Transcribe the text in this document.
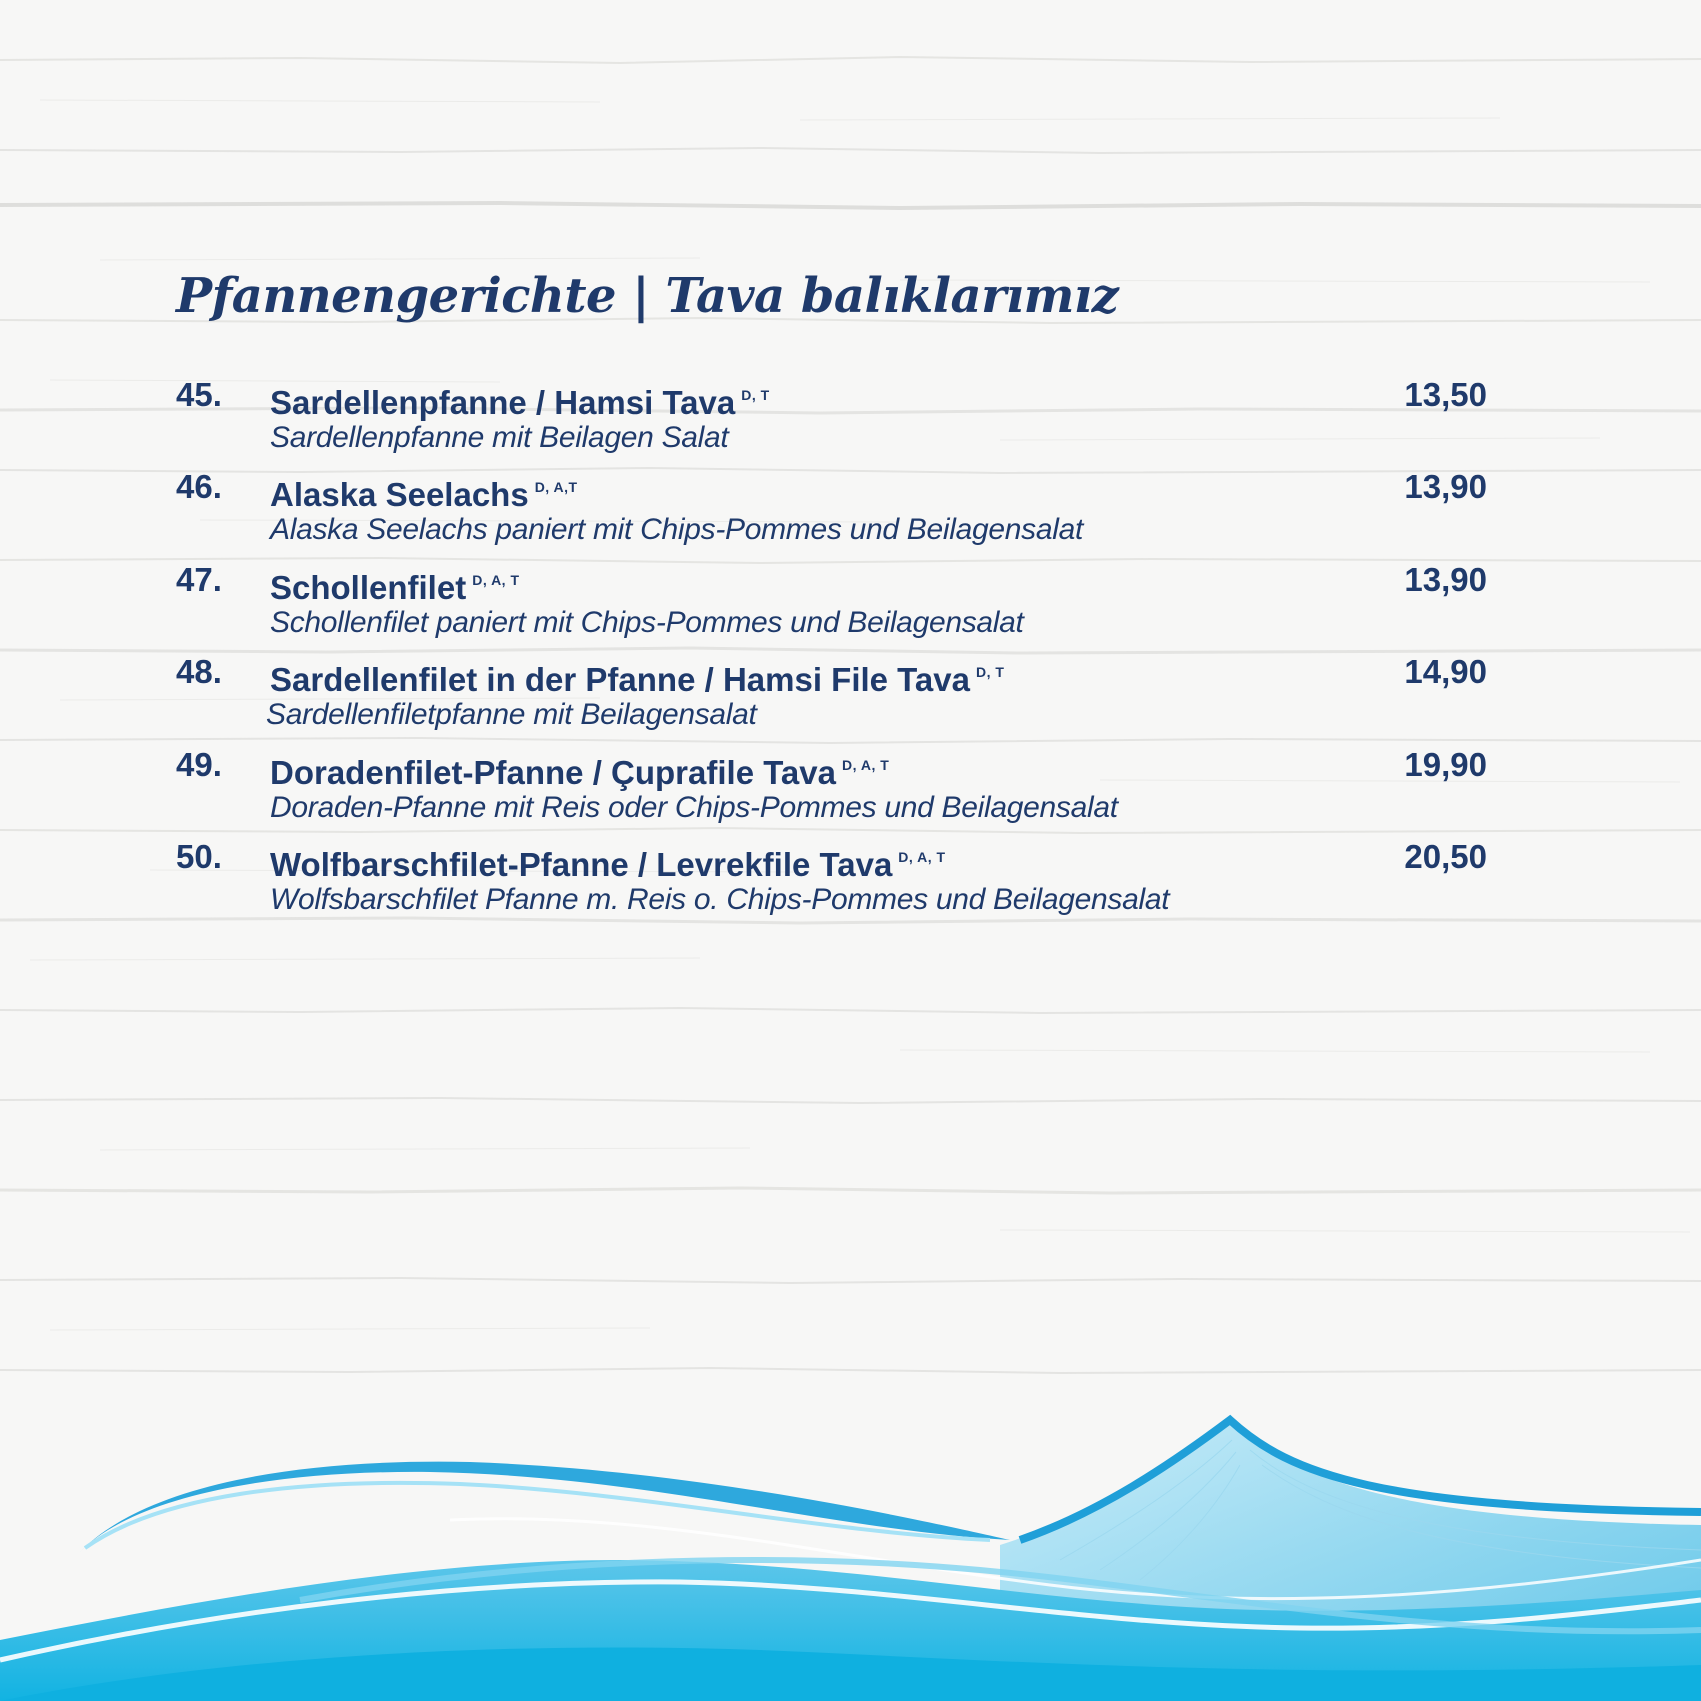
Pfannengerichte | Tava balıklarımız
45. Sardellenpfanne / Hamsi Tava $^{D, T}$
Sardellenpfanne mit Beilagen Salat
13,50
46. Alaska Seelachs $^{D, A,T}$
Alaska Seelachs paniert mit Chips-Pommes und Beilagensalat
13,90
47. Schollenfilet $^{D, A, T}$
Schollenfilet paniert mit Chips-Pommes und Beilagensalat
13,90
48. Sardellenfilet in der Pfanne / Hamsi File Tava $^{D, T}$
Sardellenfiletpfanne mit Beilagensalat
14,90
49. Doradenfilet-Pfanne / Çuprafile Tava $^{D, A, T}$
Doraden-Pfanne mit Reis oder Chips-Pommes und Beilagensalat
19,90
50. Wolfbarschfilet-Pfanne / Levrekfile Tava $^{D, A, T}$
Wolfsbarschfilet Pfanne m. Reis o. Chips-Pommes und Beilagensalat
20,50
